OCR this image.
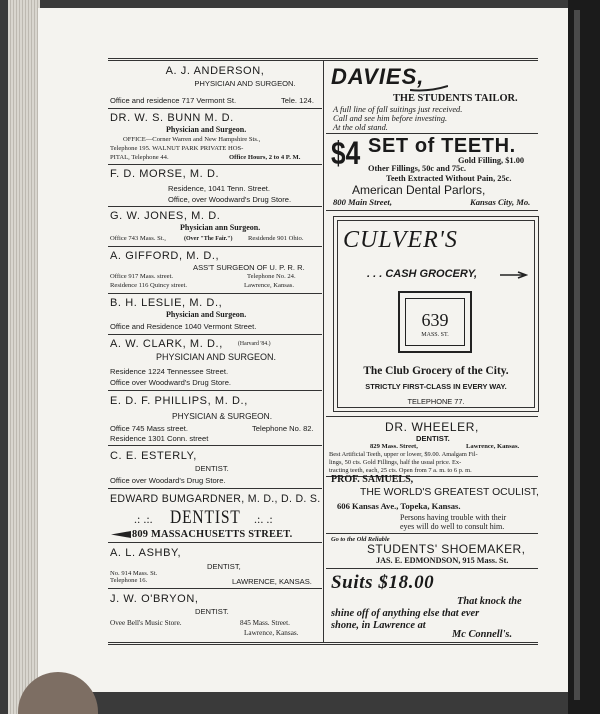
A. J. ANDERSON,
PHYSICIAN AND SURGEON.
Office and residence 717 Vermont St.	Tele. 124.
DR. W. S. BUNN M. D.
Physician and Surgeon.
OFFICE—Corner Warren and New Hampshire Sts.,
Telephone 195. WALNUT PARK PRIVATE HOS-
PITAL, Telephone 44.	Office Hours, 2 to 4 P. M.
F. D. MORSE, M. D.
Residence, 1041 Tenn. Street.
Office, over Woodward's Drug Store.
G. W. JONES, M. D.
Physician ann Surgeon.
Office 743 Mass. St.,	(Over "The Fair.") Residende 901 Ohio.
A. GIFFORD, M. D.,
ASS'T SURGEON OF U. P. R. R.
Office 917 Mass. street.	Telephone No. 24.
Residence 116 Quincy street.	Lawrence, Kansas.
B. H. LESLIE, M. D.,
Physician and Surgeon.
Office and Residence 1040 Vermont Street.
A. W. CLARK, M. D.,	(Harvard '84.)
PHYSICIAN AND SURGEON.
Residence 1224 Tennessee Street.
Office over Woodward's Drug Store.
E. D. F. PHILLIPS, M. D.,
PHYSICIAN & SURGEON.
Office 745 Mass street.	Telephone No. 82.
Residence 1301 Conn. street
C. E. ESTERLY,
DENTIST.
Office over Woodard's Drug Store.
EDWARD BUMGARDNER, M. D., D. D. S.
.: .:. DENTIST .:. .:
809 MASSACHUSETTS STREET.
A. L. ASHBY,
DENTIST,
No. 914 Mass. St.
Telephone 16.	LAWRENCE, KANSAS.
J. W. O'BRYON,
DENTIST.
Ovee Bell's Music Store.	845 Mass. Street.
Lawrence, Kansas.
DAVIES,
THE STUDENTS TAILOR.
A full line of fall suitings just received.
Call and see him before investing.
At the old stand.
$4 SET of TEETH.
Gold Filling, $1.00
Other Fillings, 50c and 75c.
Teeth Extracted Without Pain, 25c.
American Dental Parlors,
800 Main Street,	Kansas City, Mo.
CULVER'S
. . . CASH GROCERY,
639
MASS. ST.
The Club Grocery of the City.
STRICTLY FIRST-CLASS IN EVERY WAY.
TELEPHONE 77.
DR. WHEELER,
DENTIST.
829 Mass. Street,	Lawrence, Kansas.
Best Artificial Teeth, upper or lower, $9.00. Amalgam Fil-
lings, 50 cts. Gold Fillings, half the usual price. Ex-
tracting teeth, each, 25 cts. Open from 7 a. m. to 6 p. m.
PROF. SAMUELS,
THE WORLD'S GREATEST OCULIST,
606 Kansas Ave., Topeka, Kansas.
Persons having trouble with their
eyes will do well to consult him.
Go to the Old Reliable
STUDENTS' SHOEMAKER,
JAS. E. EDMONDSON, 915 Mass. St.
Suits $18.00
That knock the
shine off of anything else that ever
shone, in Lawrence at
Mc Connell's.
